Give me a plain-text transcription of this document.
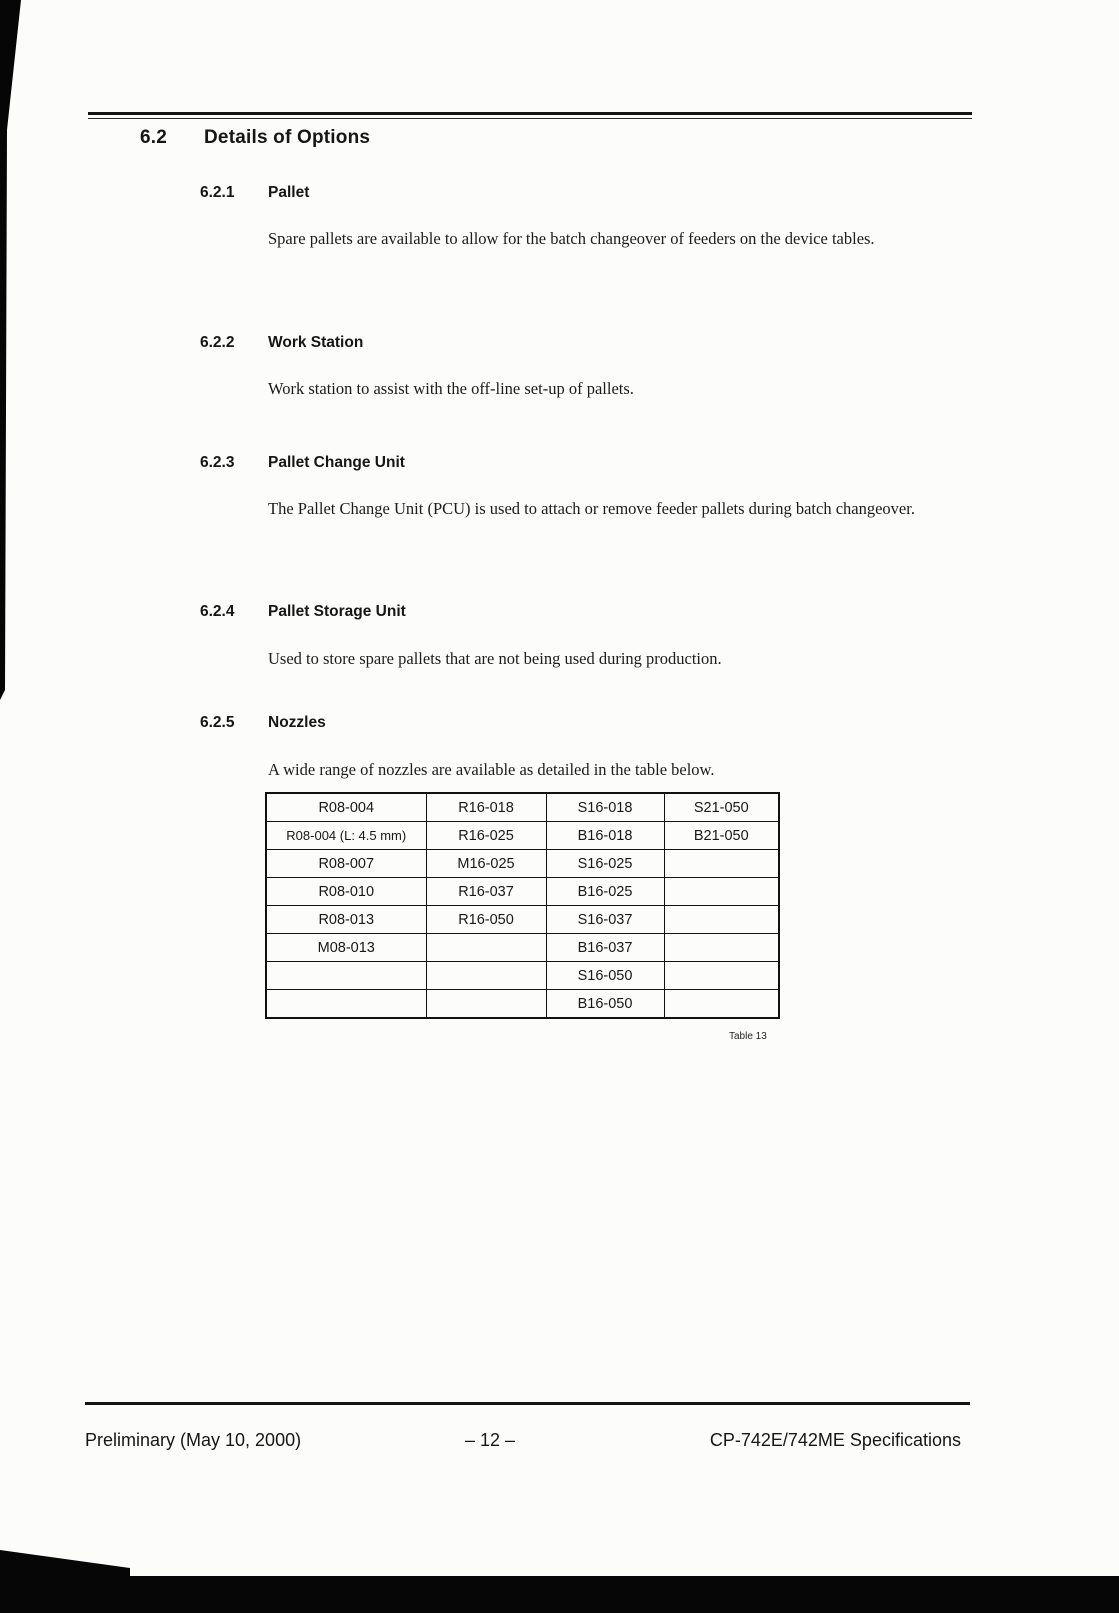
6.2 Details of Options
6.2.1 Pallet
Spare pallets are available to allow for the batch changeover of feeders on the device tables.
6.2.2 Work Station
Work station to assist with the off-line set-up of pallets.
6.2.3 Pallet Change Unit
The Pallet Change Unit (PCU) is used to attach or remove feeder pallets during batch changeover.
6.2.4 Pallet Storage Unit
Used to store spare pallets that are not being used during production.
6.2.5 Nozzles
A wide range of nozzles are available as detailed in the table below.
R08-004	R16-018	S16-018	S21-050
R08-004 (L: 4.5 mm)	R16-025	B16-018	B21-050
R08-007	M16-025	S16-025	
R08-010	R16-037	B16-025	
R08-013	R16-050	S16-037	
M08-013		B16-037	
		S16-050	
		B16-050	
Table 13
Preliminary (May 10, 2000)	– 12 –	CP-742E/742ME Specifications
